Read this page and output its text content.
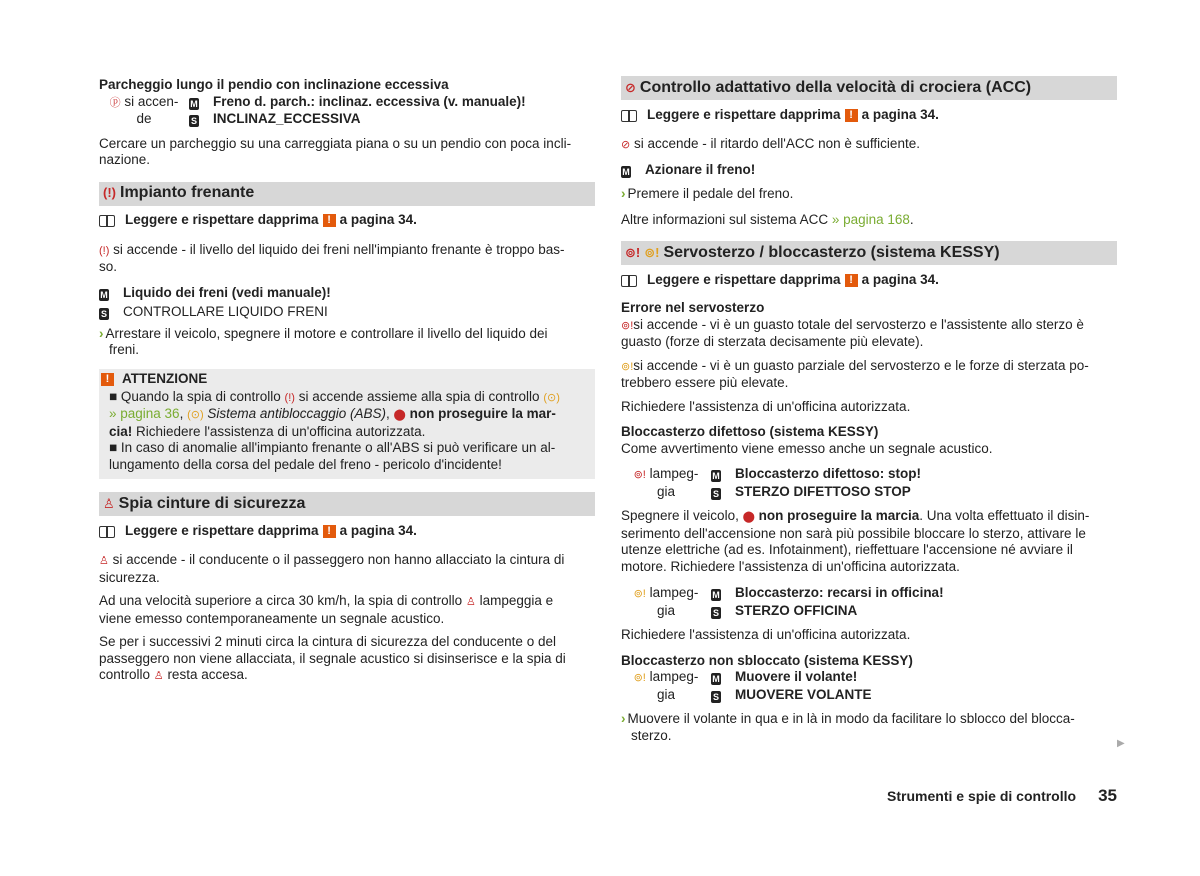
Parcheggio lungo il pendio con inclinazione eccessiva

ⓟ si accen-	M Freno d. parch.: inclinaz. eccessiva (v. manuale)!
de	S INCLINAZ_ECCESSIVA

Cercare un parcheggio su una carreggiata piana o su un pendio con poca incli-
nazione.

(!) Impianto frenante
Leggere e rispettare dapprima ! a pagina 34.

(!) si accende - il livello del liquido dei freni nell'impianto frenante è troppo bas-
so.

M Liquido dei freni (vedi manuale)!
S CONTROLLARE LIQUIDO FRENI

› Arrestare il veicolo, spegnere il motore e controllare il livello del liquido dei
freni.

! ATTENZIONE

■ Quando la spia di controllo (!) si accende assieme alla spia di controllo (⊙)
» pagina 36, (⊙) Sistema antibloccaggio (ABS), ⬤ non proseguire la mar-
cia! Richiedere l'assistenza di un'officina autorizzata.

■ In caso di anomalie all'impianto frenante o all'ABS si può verificare un al-
lungamento della corsa del pedale del freno - pericolo d'incidente!

♙ Spia cinture di sicurezza
Leggere e rispettare dapprima ! a pagina 34.

♙ si accende - il conducente o il passeggero non hanno allacciato la cintura di
sicurezza.

Ad una velocità superiore a circa 30 km/h, la spia di controllo ♙ lampeggia e
viene emesso contemporaneamente un segnale acustico.

Se per i successivi 2 minuti circa la cintura di sicurezza del conducente o del
passeggero non viene allacciata, il segnale acustico si disinserisce e la spia di
controllo ♙ resta accesa.

⊘ Controllo adattativo della velocità di crociera (ACC)
Leggere e rispettare dapprima ! a pagina 34.

⊘ si accende - il ritardo dell'ACC non è sufficiente.

M Azionare il freno!

› Premere il pedale del freno.

Altre informazioni sul sistema ACC » pagina 168.

⊚! ⊚! Servosterzo / bloccasterzo (sistema KESSY)
Leggere e rispettare dapprima ! a pagina 34.

Errore nel servosterzo

⊚!si accende - vi è un guasto totale del servosterzo e l'assistente allo sterzo è
guasto (forze di sterzata decisamente più elevate).

⊚!si accende - vi è un guasto parziale del servosterzo e le forze di sterzata po-
trebbero essere più elevate.

Richiedere l'assistenza di un'officina autorizzata.

Bloccasterzo difettoso (sistema KESSY)

Come avvertimento viene emesso anche un segnale acustico.

⊚! lampeg-	M Bloccasterzo difettoso: stop!
gia	S STERZO DIFETTOSO STOP

Spegnere il veicolo, ⬤ non proseguire la marcia. Una volta effettuato il disin-
serimento dell'accensione non sarà più possibile bloccare lo sterzo, attivare le
utenze elettriche (ad es. Infotainment), rieffettuare l'accensione né avviare il
motore. Richiedere l'assistenza di un'officina autorizzata.

⊚! lampeg-	M Bloccasterzo: recarsi in officina!
gia	S STERZO OFFICINA

Richiedere l'assistenza di un'officina autorizzata.

Bloccasterzo non sbloccato (sistema KESSY)

⊚! lampeg-	M Muovere il volante!
gia	S MUOVERE VOLANTE

› Muovere il volante in qua e in là in modo da facilitare lo sblocco del blocca-
sterzo.

▶
Strumenti e spie di controllo 35
